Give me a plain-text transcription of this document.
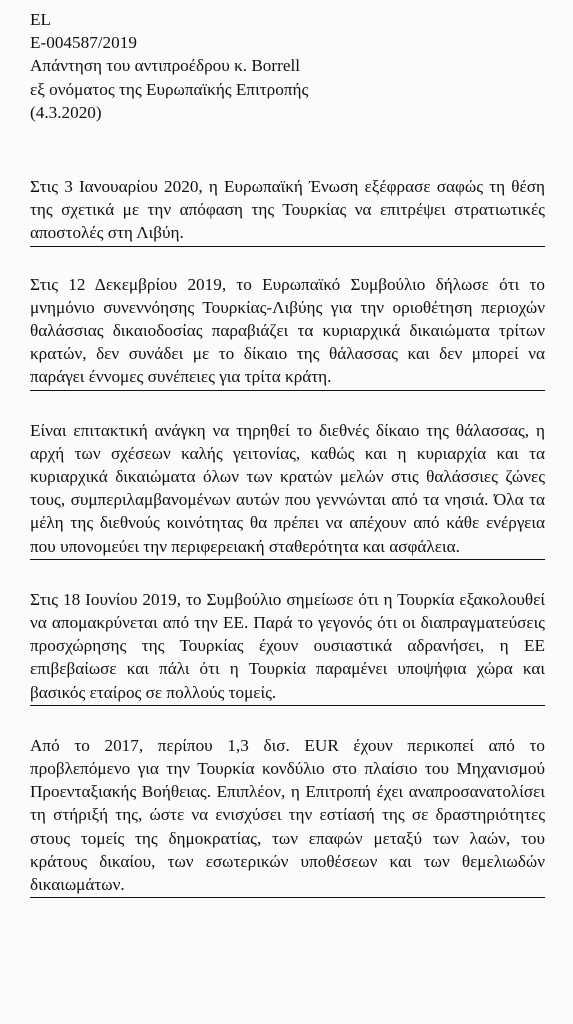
EL
E-004587/2019
Απάντηση του αντιπροέδρου κ. Borrell
εξ ονόματος της Ευρωπαϊκής Επιτροπής
(4.3.2020)

Στις 3 Ιανουαρίου 2020, η Ευρωπαϊκή Ένωση εξέφρασε σαφώς τη θέση της σχετικά με την απόφαση της Τουρκίας να επιτρέψει στρατιωτικές αποστολές στη Λιβύη.

Στις 12 Δεκεμβρίου 2019, το Ευρωπαϊκό Συμβούλιο δήλωσε ότι το μνημόνιο συνεννόησης Τουρκίας-Λιβύης για την οριοθέτηση περιοχών θαλάσσιας δικαιοδοσίας παραβιάζει τα κυριαρχικά δικαιώματα τρίτων κρατών, δεν συνάδει με το δίκαιο της θάλασσας και δεν μπορεί να παράγει έννομες συνέπειες για τρίτα κράτη.

Είναι επιτακτική ανάγκη να τηρηθεί το διεθνές δίκαιο της θάλασσας, η αρχή των σχέσεων καλής γειτονίας, καθώς και η κυριαρχία και τα κυριαρχικά δικαιώματα όλων των κρατών μελών στις θαλάσσιες ζώνες τους, συμπεριλαμβανομένων αυτών που γεννώνται από τα νησιά. Όλα τα μέλη της διεθνούς κοινότητας θα πρέπει να απέχουν από κάθε ενέργεια που υπονομεύει την περιφερειακή σταθερότητα και ασφάλεια.

Στις 18 Ιουνίου 2019, το Συμβούλιο σημείωσε ότι η Τουρκία εξακολουθεί να απομακρύνεται από την ΕΕ. Παρά το γεγονός ότι οι διαπραγματεύσεις προσχώρησης της Τουρκίας έχουν ουσιαστικά αδρανήσει, η ΕΕ επιβεβαίωσε και πάλι ότι η Τουρκία παραμένει υποψήφια χώρα και βασικός εταίρος σε πολλούς τομείς.

Από το 2017, περίπου 1,3 δισ. EUR έχουν περικοπεί από το προβλεπόμενο για την Τουρκία κονδύλιο στο πλαίσιο του Μηχανισμού Προενταξιακής Βοήθειας. Επιπλέον, η Επιτροπή έχει αναπροσανατολίσει τη στήριξή της, ώστε να ενισχύσει την εστίασή της σε δραστηριότητες στους τομείς της δημοκρατίας, των επαφών μεταξύ των λαών, του κράτους δικαίου, των εσωτερικών υποθέσεων και των θεμελιωδών δικαιωμάτων.
